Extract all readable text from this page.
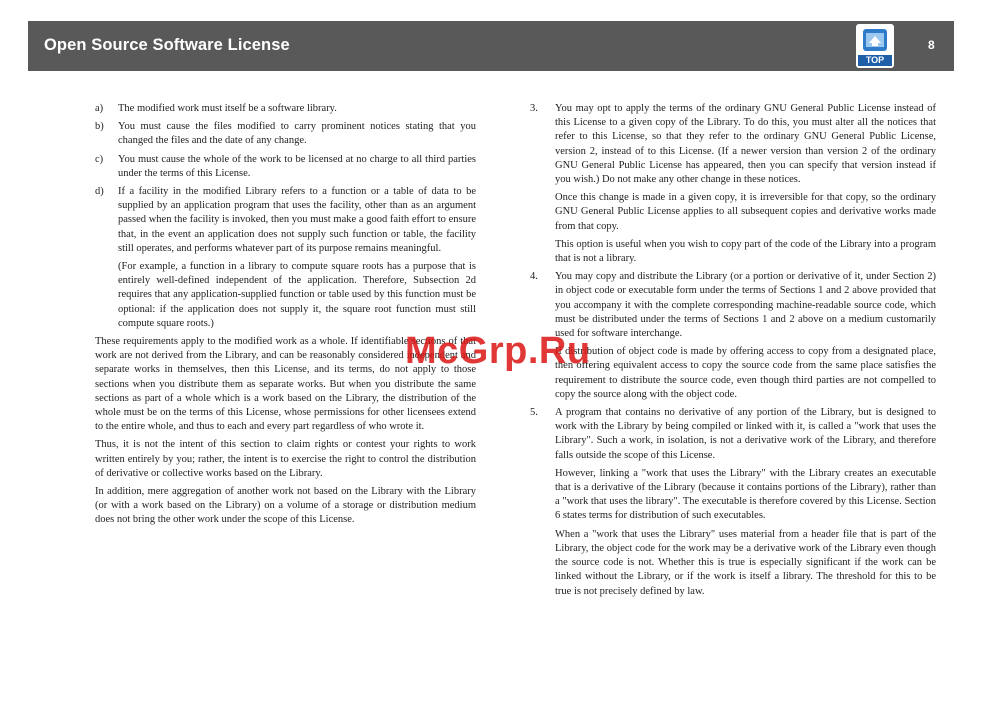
Open Source Software License
TOP
8
a)	The modified work must itself be a software library.
b)	You must cause the files modified to carry prominent notices stating that you changed the files and the date of any change.
c)	You must cause the whole of the work to be licensed at no charge to all third parties under the terms of this License.
d)	If a facility in the modified Library refers to a function or a table of data to be supplied by an application program that uses the facility, other than as an argument passed when the facility is invoked, then you must make a good faith effort to ensure that, in the event an application does not supply such function or table, the facility still operates, and performs whatever part of its purpose remains meaningful.
(For example, a function in a library to compute square roots has a purpose that is entirely well-defined independent of the application. Therefore, Subsection 2d requires that any application-supplied function or table used by this function must be optional: if the application does not supply it, the square root function must still compute square roots.)

These requirements apply to the modified work as a whole. If identifiable sections of that work are not derived from the Library, and can be reasonably considered independent and separate works in themselves, then this License, and its terms, do not apply to those sections when you distribute them as separate works. But when you distribute the same sections as part of a whole which is a work based on the Library, the distribution of the whole must be on the terms of this License, whose permissions for other licensees extend to the entire whole, and thus to each and every part regardless of who wrote it.

Thus, it is not the intent of this section to claim rights or contest your rights to work written entirely by you; rather, the intent is to exercise the right to control the distribution of derivative or collective works based on the Library.

In addition, mere aggregation of another work not based on the Library with the Library (or with a work based on the Library) on a volume of a storage or distribution medium does not bring the other work under the scope of this License.

3.	You may opt to apply the terms of the ordinary GNU General Public License instead of this License to a given copy of the Library. To do this, you must alter all the notices that refer to this License, so that they refer to the ordinary GNU General Public License, version 2, instead of to this License. (If a newer version than version 2 of the ordinary GNU General Public License has appeared, then you can specify that version instead if you wish.) Do not make any other change in these notices.
Once this change is made in a given copy, it is irreversible for that copy, so the ordinary GNU General Public License applies to all subsequent copies and derivative works made from that copy.
This option is useful when you wish to copy part of the code of the Library into a program that is not a library.
4.	You may copy and distribute the Library (or a portion or derivative of it, under Section 2) in object code or executable form under the terms of Sections 1 and 2 above provided that you accompany it with the complete corresponding machine-readable source code, which must be distributed under the terms of Sections 1 and 2 above on a medium customarily used for software interchange.
If distribution of object code is made by offering access to copy from a designated place, then offering equivalent access to copy the source code from the same place satisfies the requirement to distribute the source code, even though third parties are not compelled to copy the source along with the object code.
5.	A program that contains no derivative of any portion of the Library, but is designed to work with the Library by being compiled or linked with it, is called a "work that uses the Library". Such a work, in isolation, is not a derivative work of the Library, and therefore falls outside the scope of this License.
However, linking a "work that uses the Library" with the Library creates an executable that is a derivative of the Library (because it contains portions of the Library), rather than a "work that uses the library". The executable is therefore covered by this License. Section 6 states terms for distribution of such executables.
When a "work that uses the Library" uses material from a header file that is part of the Library, the object code for the work may be a derivative work of the Library even though the source code is not. Whether this is true is especially significant if the work can be linked without the Library, or if the work is itself a library. The threshold for this to be true is not precisely defined by law.
McGrp.Ru
